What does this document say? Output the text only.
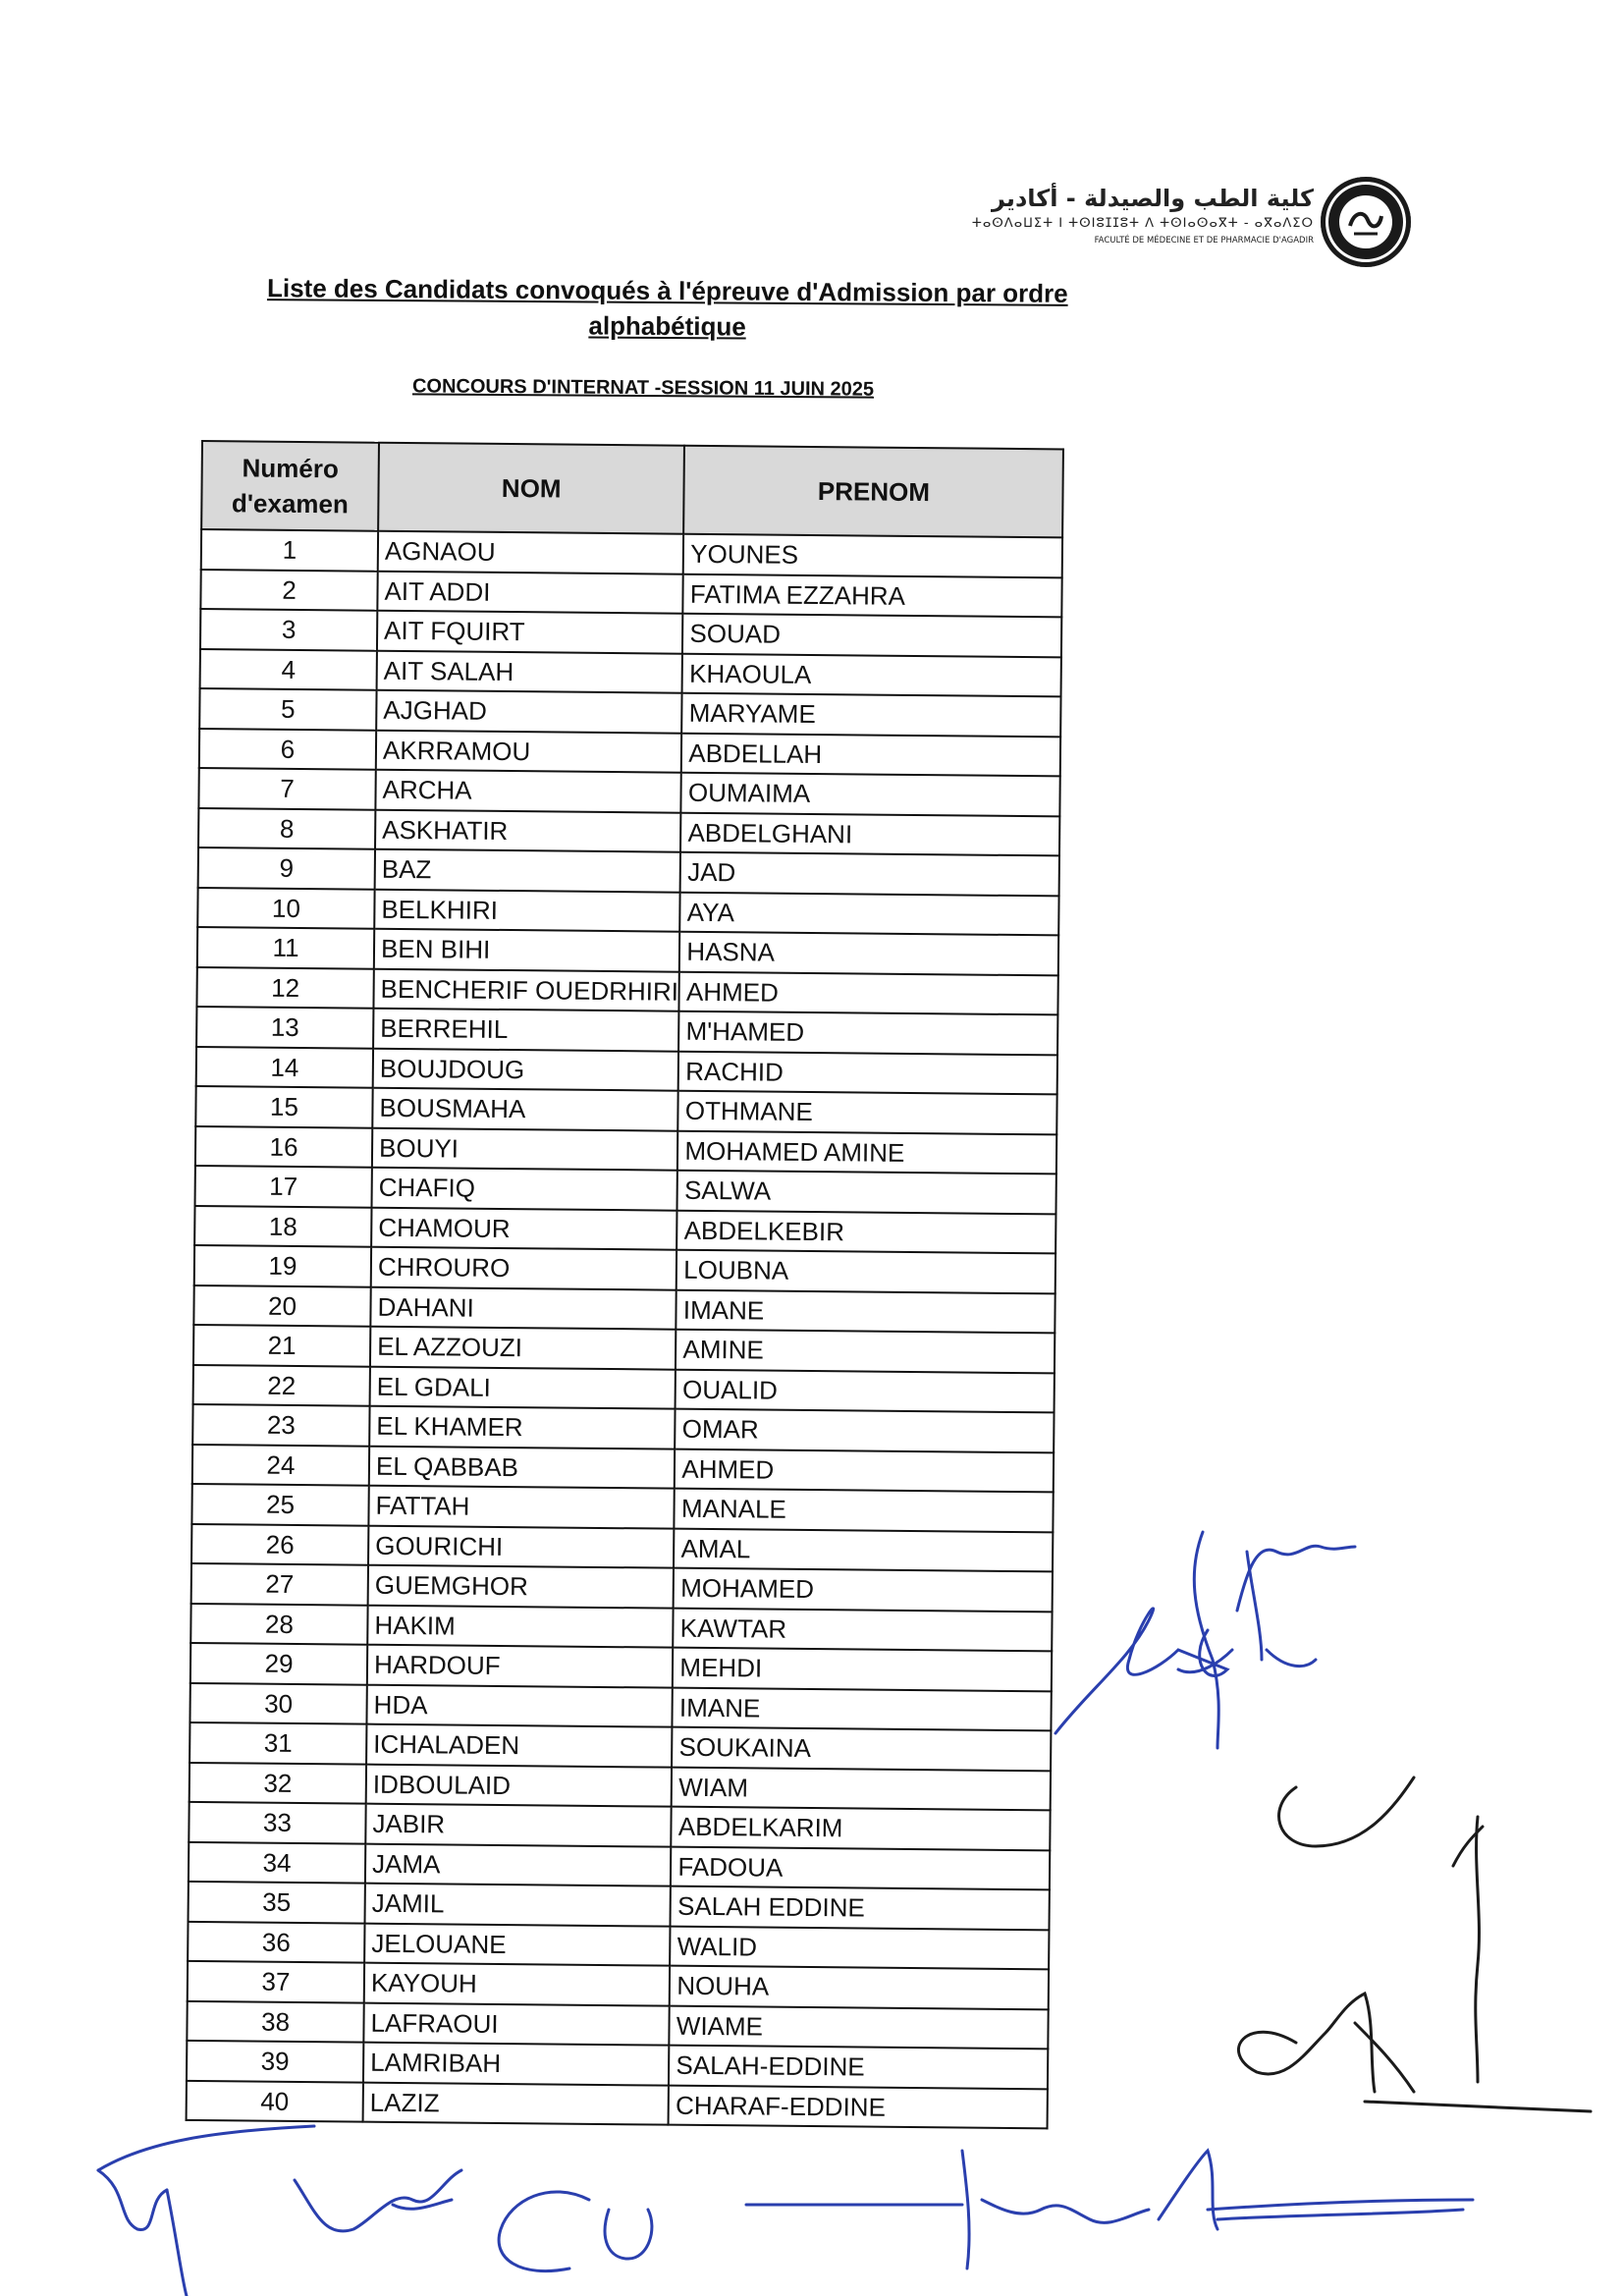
كلية الطب والصيدلة - أكادير
ⵜⴰⵙⴷⴰⵡⵉⵜ ⵏ ⵜⵙⵏⵓⵊⵊⵓⵜ ⴷ ⵜⵙⵏⴰⵙⴰⴳⵜ - ⴰⴳⴰⴷⵉⵔ
FACULTÉ DE MÉDECINE ET DE PHARMACIE D'AGADIR
Liste des Candidats convoqués à l'épreuve d'Admission par ordre alphabétique
CONCOURS D'INTERNAT -SESSION 11 JUIN 2025
Numéro
d'examen	NOM	PRENOM
1	AGNAOU	YOUNES
2	AIT ADDI	FATIMA EZZAHRA
3	AIT FQUIRT	SOUAD
4	AIT SALAH	KHAOULA
5	AJGHAD	MARYAME
6	AKRRAMOU	ABDELLAH
7	ARCHA	OUMAIMA
8	ASKHATIR	ABDELGHANI
9	BAZ	JAD
10	BELKHIRI	AYA
11	BEN BIHI	HASNA
12	BENCHERIF OUEDRHIRI	AHMED
13	BERREHIL	M'HAMED
14	BOUJDOUG	RACHID
15	BOUSMAHA	OTHMANE
16	BOUYI	MOHAMED AMINE
17	CHAFIQ	SALWA
18	CHAMOUR	ABDELKEBIR
19	CHROURO	LOUBNA
20	DAHANI	IMANE
21	EL AZZOUZI	AMINE
22	EL GDALI	OUALID
23	EL KHAMER	OMAR
24	EL QABBAB	AHMED
25	FATTAH	MANALE
26	GOURICHI	AMAL
27	GUEMGHOR	MOHAMED
28	HAKIM	KAWTAR
29	HARDOUF	MEHDI
30	HDA	IMANE
31	ICHALADEN	SOUKAINA
32	IDBOULAID	WIAM
33	JABIR	ABDELKARIM
34	JAMA	FADOUA
35	JAMIL	SALAH EDDINE
36	JELOUANE	WALID
37	KAYOUH	NOUHA
38	LAFRAOUI	WIAME
39	LAMRIBAH	SALAH-EDDINE
40	LAZIZ	CHARAF-EDDINE
